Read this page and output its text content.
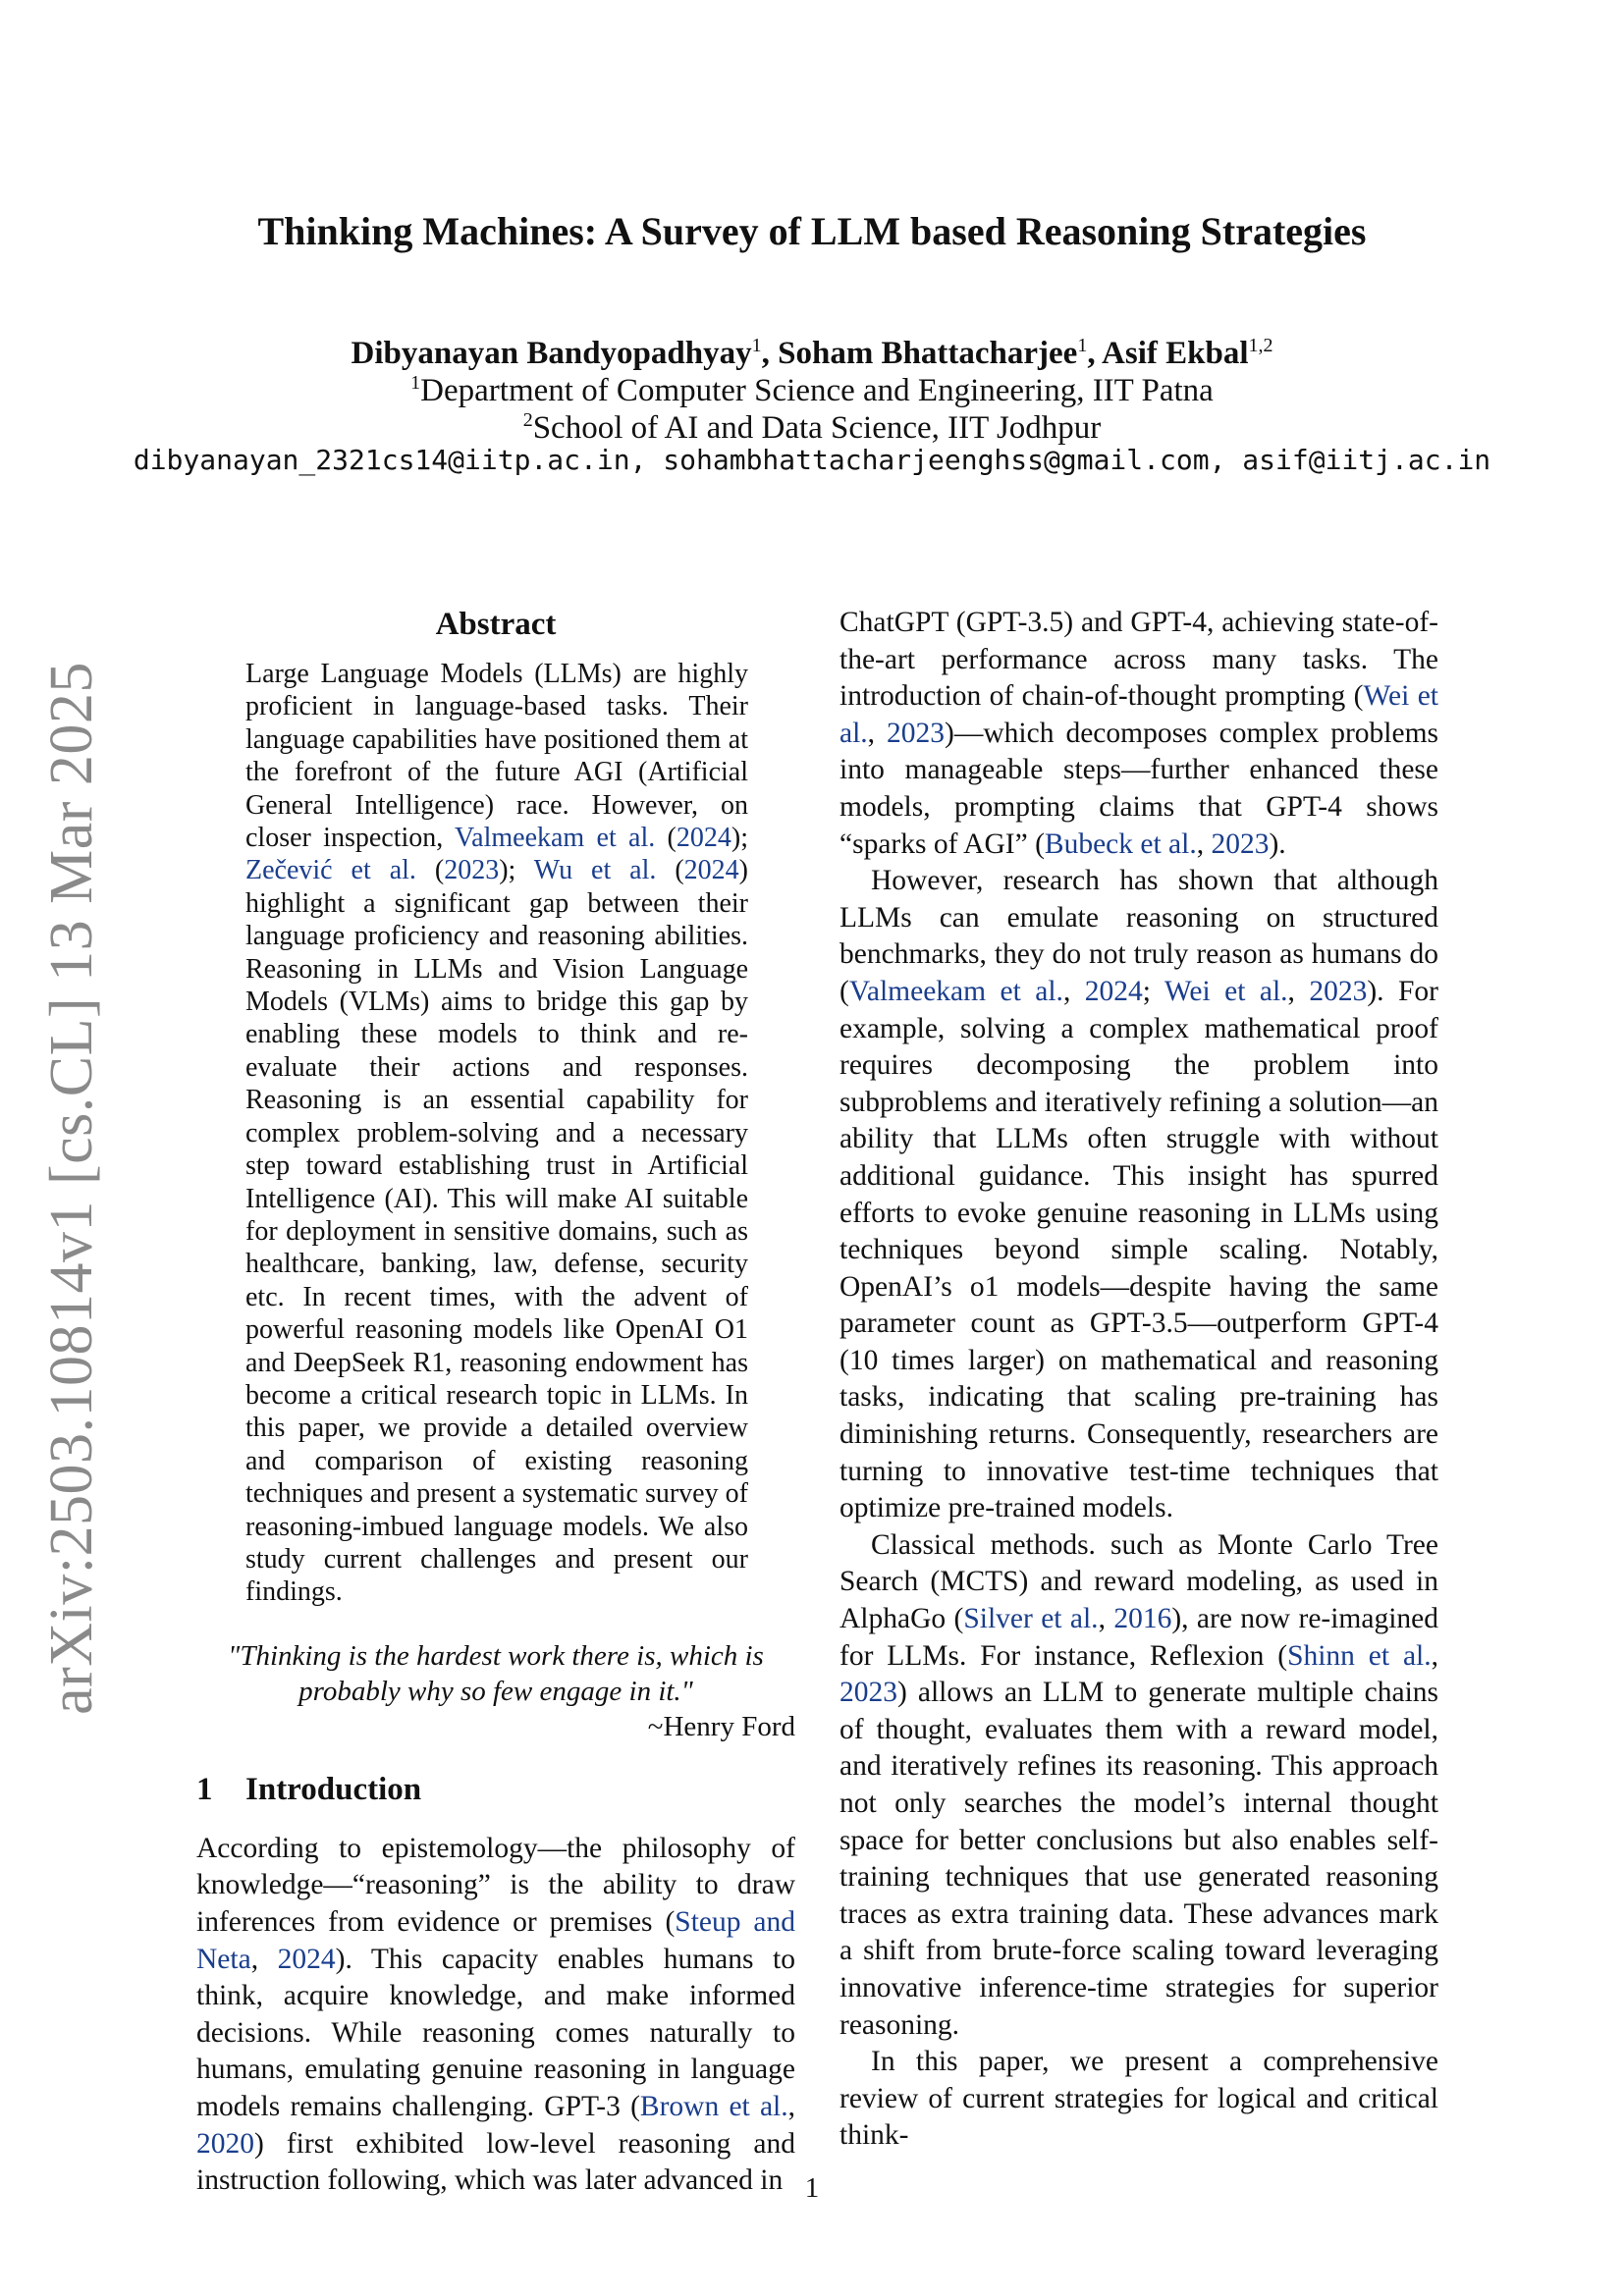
arXiv:2503.10814v1 [cs.CL] 13 Mar 2025
Thinking Machines: A Survey of LLM based Reasoning Strategies

Dibyanayan Bandyopadhyay$^1$, Soham Bhattacharjee$^1$, Asif Ekbal$^{1,2}$

$^1$Department of Computer Science and Engineering, IIT Patna

$^2$School of AI and Data Science, IIT Jodhpur

dibyanayan_2321cs14@iitp.ac.in, sohambhattacharjeenghss@gmail.com, asif@iitj.ac.in

Abstract

Large Language Models (LLMs) are highly proficient in language-based tasks. Their language capabilities have positioned them at the forefront of the future AGI (Artificial General Intelligence) race. However, on closer inspection, Valmeekam et al. (2024); Zečević et al. (2023); Wu et al. (2024) highlight a significant gap between their language proficiency and reasoning abilities. Reasoning in LLMs and Vision Language Models (VLMs) aims to bridge this gap by enabling these models to think and re-evaluate their actions and responses. Reasoning is an essential capability for complex problem-solving and a necessary step toward establishing trust in Artificial Intelligence (AI). This will make AI suitable for deployment in sensitive domains, such as healthcare, banking, law, defense, security etc. In recent times, with the advent of powerful reasoning models like OpenAI O1 and DeepSeek R1, reasoning endowment has become a critical research topic in LLMs. In this paper, we provide a detailed overview and comparison of existing reasoning techniques and present a systematic survey of reasoning-imbued language models. We also study current challenges and present our findings.

"Thinking is the hardest work there is, which is probably why so few engage in it."
~Henry Ford
1 Introduction

According to epistemology—the philosophy of knowledge—“reasoning” is the ability to draw inferences from evidence or premises (Steup and Neta, 2024). This capacity enables humans to think, acquire knowledge, and make informed decisions. While reasoning comes naturally to humans, emulating genuine reasoning in language models remains challenging. GPT-3 (Brown et al., 2020) first exhibited low-level reasoning and instruction following, which was later advanced in

ChatGPT (GPT-3.5) and GPT-4, achieving state-of-the-art performance across many tasks. The introduction of chain-of-thought prompting (Wei et al., 2023)—which decomposes complex problems into manageable steps—further enhanced these models, prompting claims that GPT-4 shows “sparks of AGI” (Bubeck et al., 2023).

However, research has shown that although LLMs can emulate reasoning on structured benchmarks, they do not truly reason as humans do (Valmeekam et al., 2024; Wei et al., 2023). For example, solving a complex mathematical proof requires decomposing the problem into subproblems and iteratively refining a solution—an ability that LLMs often struggle with without additional guidance. This insight has spurred efforts to evoke genuine reasoning in LLMs using techniques beyond simple scaling. Notably, OpenAI’s o1 models—despite having the same parameter count as GPT-3.5—outperform GPT-4 (10 times larger) on mathematical and reasoning tasks, indicating that scaling pre-training has diminishing returns. Consequently, researchers are turning to innovative test-time techniques that optimize pre-trained models.

Classical methods. such as Monte Carlo Tree Search (MCTS) and reward modeling, as used in AlphaGo (Silver et al., 2016), are now re-imagined for LLMs. For instance, Reflexion (Shinn et al., 2023) allows an LLM to generate multiple chains of thought, evaluates them with a reward model, and iteratively refines its reasoning. This approach not only searches the model’s internal thought space for better conclusions but also enables self-training techniques that use generated reasoning traces as extra training data. These advances mark a shift from brute-force scaling toward leveraging innovative inference-time strategies for superior reasoning.

In this paper, we present a comprehensive review of current strategies for logical and critical think-

1
